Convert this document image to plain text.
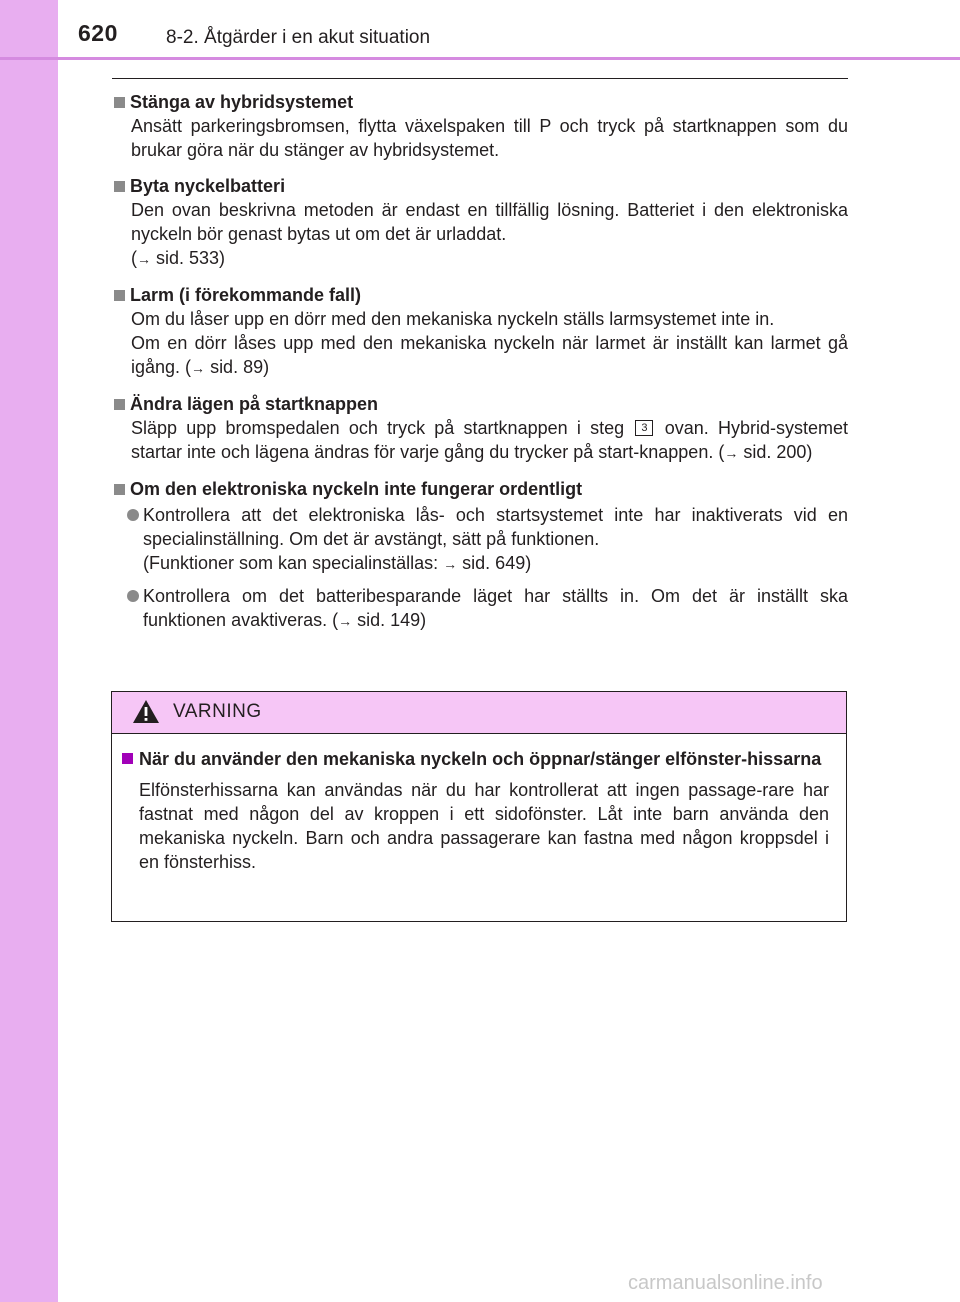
620	8-2. Åtgärder i en akut situation
Stänga av hybridsystemet

Ansätt parkeringsbromsen, flytta växelspaken till P och tryck på startknappen som du brukar göra när du stänger av hybridsystemet.

Byta nyckelbatteri

Den ovan beskrivna metoden är endast en tillfällig lösning. Batteriet i den elektroniska nyckeln bör genast bytas ut om det är urladdat.

(→ sid. 533)

Larm (i förekommande fall)

Om du låser upp en dörr med den mekaniska nyckeln ställs larmsystemet inte in.

Om en dörr låses upp med den mekaniska nyckeln när larmet är inställt kan larmet gå igång. (→ sid. 89)

Ändra lägen på startknappen

Släpp upp bromspedalen och tryck på startknappen i steg 3 ovan. Hybrid-systemet startar inte och lägena ändras för varje gång du trycker på start-knappen. (→ sid. 200)

Om den elektroniska nyckeln inte fungerar ordentligt
Kontrollera att det elektroniska lås- och startsystemet inte har inaktiverats vid en specialinställning. Om det är avstängt, sätt på funktionen.
(Funktioner som kan specialinställas: → sid. 649)
Kontrollera om det batteribesparande läget har ställts in. Om det är inställt ska funktionen avaktiveras. (→ sid. 149)
VARNING
När du använder den mekaniska nyckeln och öppnar/stänger elfönster-hissarna
Elfönsterhissarna kan användas när du har kontrollerat att ingen passage-rare har fastnat med någon del av kroppen i ett sidofönster. Låt inte barn använda den mekaniska nyckeln. Barn och andra passagerare kan fastna med någon kroppsdel i en fönsterhiss.
carmanualsonline.info
